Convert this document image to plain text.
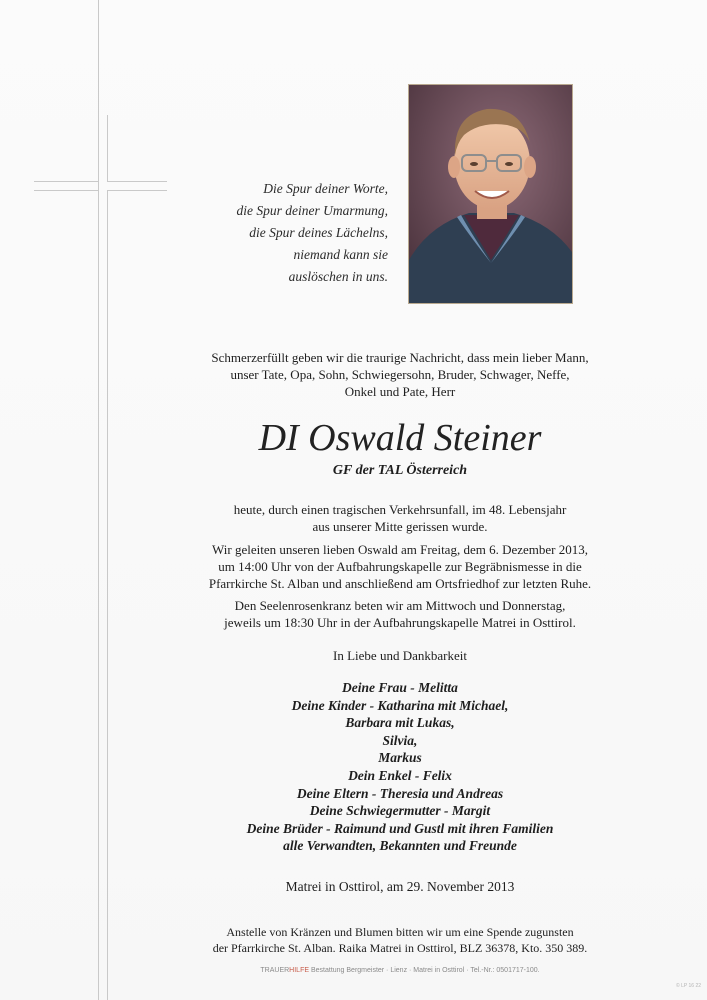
Die Spur deiner Worte,
die Spur deiner Umarmung,
die Spur deines Lächelns,
niemand kann sie
auslöschen in uns.
Schmerzerfüllt geben wir die traurige Nachricht, dass mein lieber Mann,
unser Tate, Opa, Sohn, Schwiegersohn, Bruder, Schwager, Neffe,
Onkel und Pate, Herr
DI Oswald Steiner
GF der TAL Österreich
heute, durch einen tragischen Verkehrsunfall, im 48. Lebensjahr
aus unserer Mitte gerissen wurde.
Wir geleiten unseren lieben Oswald am Freitag, dem 6. Dezember 2013,
um 14:00 Uhr von der Aufbahrungskapelle zur Begräbnismesse in die
Pfarrkirche St. Alban und anschließend am Ortsfriedhof zur letzten Ruhe.
Den Seelenrosenkranz beten wir am Mittwoch und Donnerstag,
jeweils um 18:30 Uhr in der Aufbahrungskapelle Matrei in Osttirol.
In Liebe und Dankbarkeit
Deine Frau - Melitta
Deine Kinder - Katharina mit Michael,
Barbara mit Lukas,
Silvia,
Markus
Dein Enkel - Felix
Deine Eltern - Theresia und Andreas
Deine Schwiegermutter - Margit
Deine Brüder - Raimund und Gustl mit ihren Familien
alle Verwandten, Bekannten und Freunde
Matrei in Osttirol, am 29. November 2013
Anstelle von Kränzen und Blumen bitten wir um eine Spende zugunsten
der Pfarrkirche St. Alban. Raika Matrei in Osttirol, BLZ 36378, Kto. 350 389.
TRAUERHILFE Bestattung Bergmeister · Lienz · Matrei in Osttirol · Tel.-Nr.: 0501717-100.
© LP 16 22
